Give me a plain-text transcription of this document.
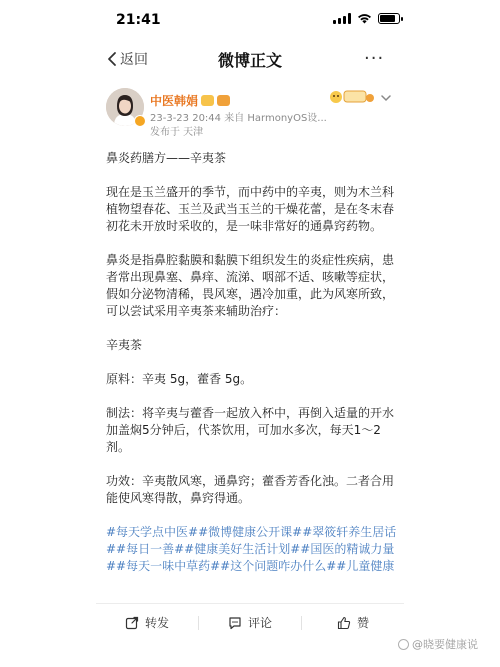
21:41
返回	微博正文	···
中医韩娟
23-3-23 20:44 来自 HarmonyOS设...
发布于 天津

鼻炎药膳方——辛夷茶

现在是玉兰盛开的季节，而中药中的辛夷，则为木兰科植物望春花、玉兰及武当玉兰的干燥花蕾，是在冬末春初花未开放时采收的，是一味非常好的通鼻窍药物。

鼻炎是指鼻腔黏膜和黏膜下组织发生的炎症性疾病，患者常出现鼻塞、鼻痒、流涕、咽部不适、咳嗽等症状，假如分泌物清稀，畏风寒，遇冷加重，此为风寒所致，可以尝试采用辛夷茶来辅助治疗：

辛夷茶

原料：辛夷 5g，藿香 5g。

制法：将辛夷与藿香一起放入杯中，再倒入适量的开水加盖焖5分钟后，代茶饮用，可加水多次，每天1～2剂。

功效：辛夷散风寒，通鼻窍；藿香芳香化浊。二者合用能使风寒得散，鼻窍得通。

#每天学点中医##微博健康公开课##翠筱轩养生居话##每日一善##健康美好生活计划##国医的精诚力量##每天一味中草药##这个问题咋办什么##儿童健康

转发	评论	赞
@晓要健康说
